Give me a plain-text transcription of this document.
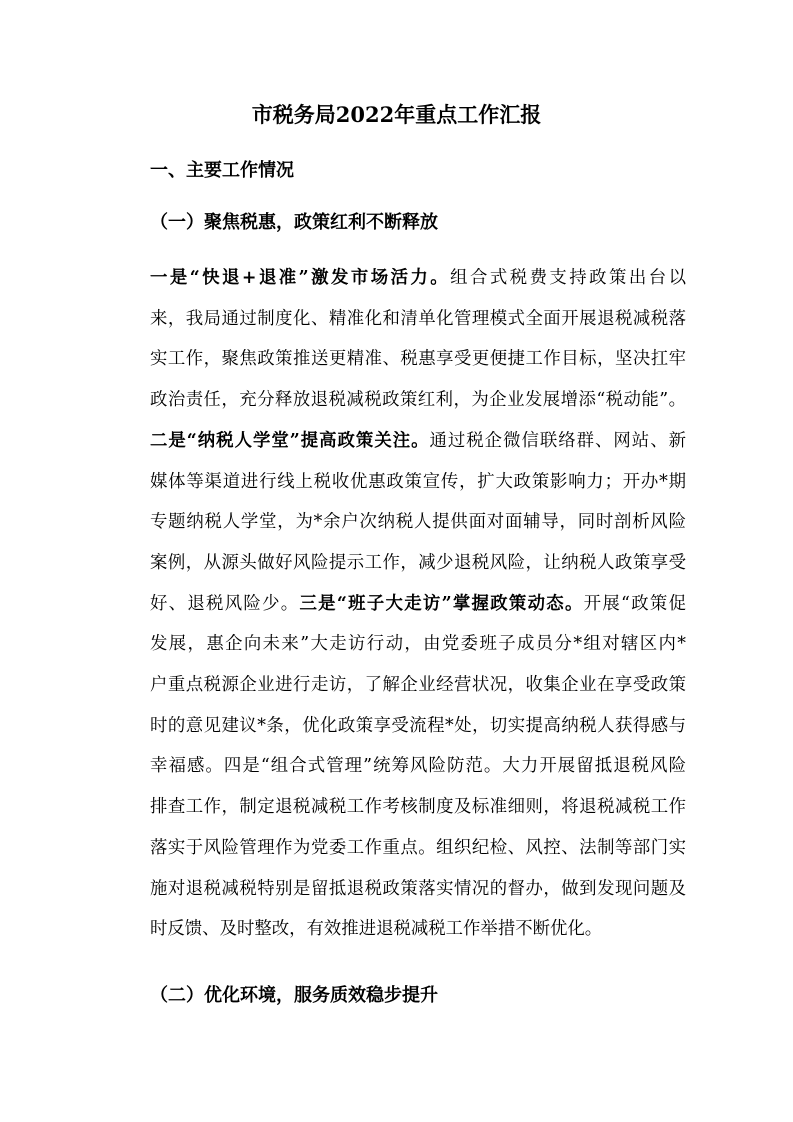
市税务局2022年重点工作汇报
一、主要工作情况
（一）聚焦税惠，政策红利不断释放
一是“快退+退准”激发市场活力。组合式税费支持政策出台以
来，我局通过制度化、精准化和清单化管理模式全面开展退税减税落
实工作，聚焦政策推送更精准、税惠享受更便捷工作目标，坚决扛牢
政治责任，充分释放退税减税政策红利，为企业发展增添“税动能”。
二是“纳税人学堂”提高政策关注。通过税企微信联络群、网站、新
媒体等渠道进行线上税收优惠政策宣传，扩大政策影响力；开办*期
专题纳税人学堂，为*余户次纳税人提供面对面辅导，同时剖析风险
案例，从源头做好风险提示工作，减少退税风险，让纳税人政策享受
好、退税风险少。三是“班子大走访”掌握政策动态。开展“政策促
发展，惠企向未来”大走访行动，由党委班子成员分*组对辖区内*
户重点税源企业进行走访，了解企业经营状况，收集企业在享受政策
时的意见建议*条，优化政策享受流程*处，切实提高纳税人获得感与
幸福感。四是“组合式管理”统筹风险防范。大力开展留抵退税风险
排查工作，制定退税减税工作考核制度及标准细则，将退税减税工作
落实于风险管理作为党委工作重点。组织纪检、风控、法制等部门实
施对退税减税特别是留抵退税政策落实情况的督办，做到发现问题及
时反馈、及时整改，有效推进退税减税工作举措不断优化。
（二）优化环境，服务质效稳步提升
